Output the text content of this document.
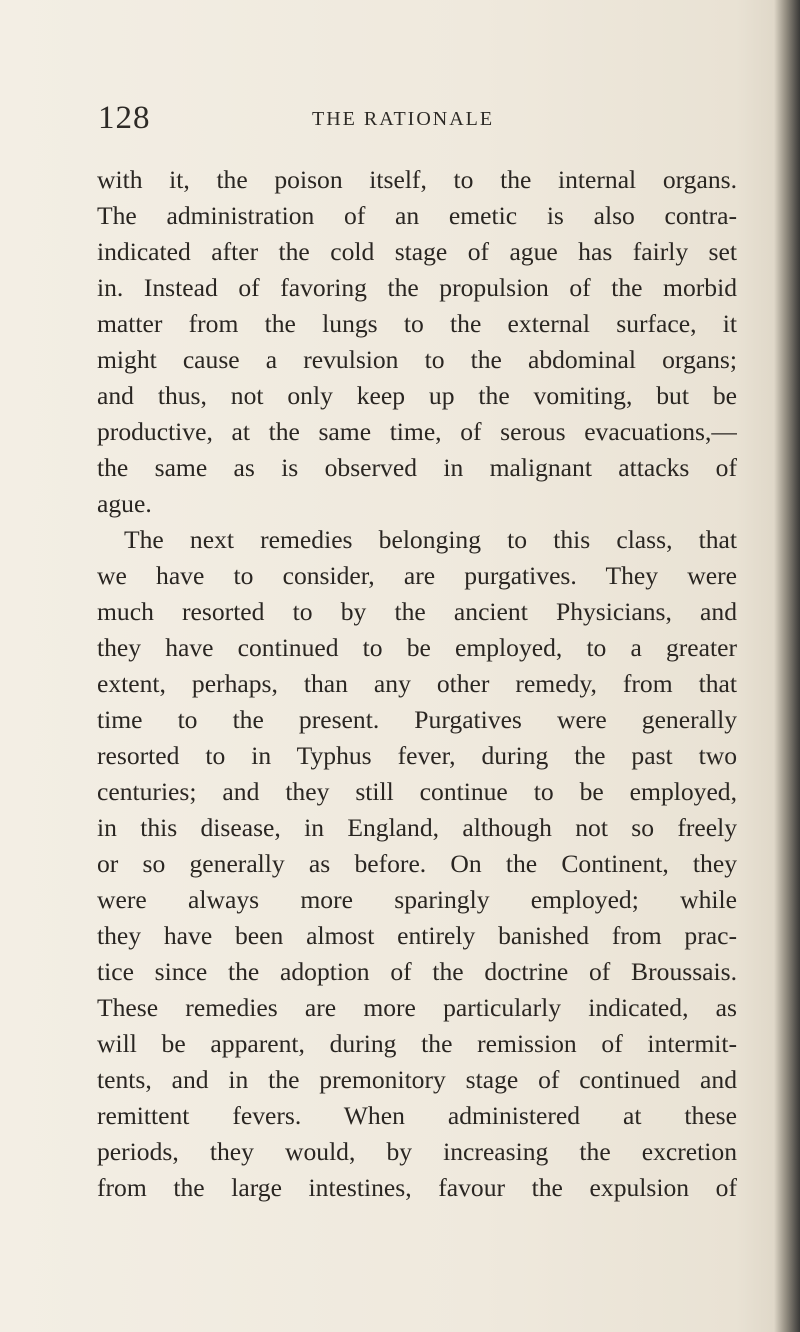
128	THE RATIONALE
with it, the poison itself, to the internal organs.
The administration of an emetic is also contra-
indicated after the cold stage of ague has fairly set
in. Instead of favoring the propulsion of the morbid
matter from the lungs to the external surface, it
might cause a revulsion to the abdominal organs;
and thus, not only keep up the vomiting, but be
productive, at the same time, of serous evacuations,—
the same as is observed in malignant attacks of
ague.
The next remedies belonging to this class, that
we have to consider, are purgatives. They were
much resorted to by the ancient Physicians, and
they have continued to be employed, to a greater
extent, perhaps, than any other remedy, from that
time to the present. Purgatives were generally
resorted to in Typhus fever, during the past two
centuries; and they still continue to be employed,
in this disease, in England, although not so freely
or so generally as before. On the Continent, they
were always more sparingly employed; while
they have been almost entirely banished from prac-
tice since the adoption of the doctrine of Broussais.
These remedies are more particularly indicated, as
will be apparent, during the remission of intermit-
tents, and in the premonitory stage of continued and
remittent fevers. When administered at these
periods, they would, by increasing the excretion
from the large intestines, favour the expulsion of
